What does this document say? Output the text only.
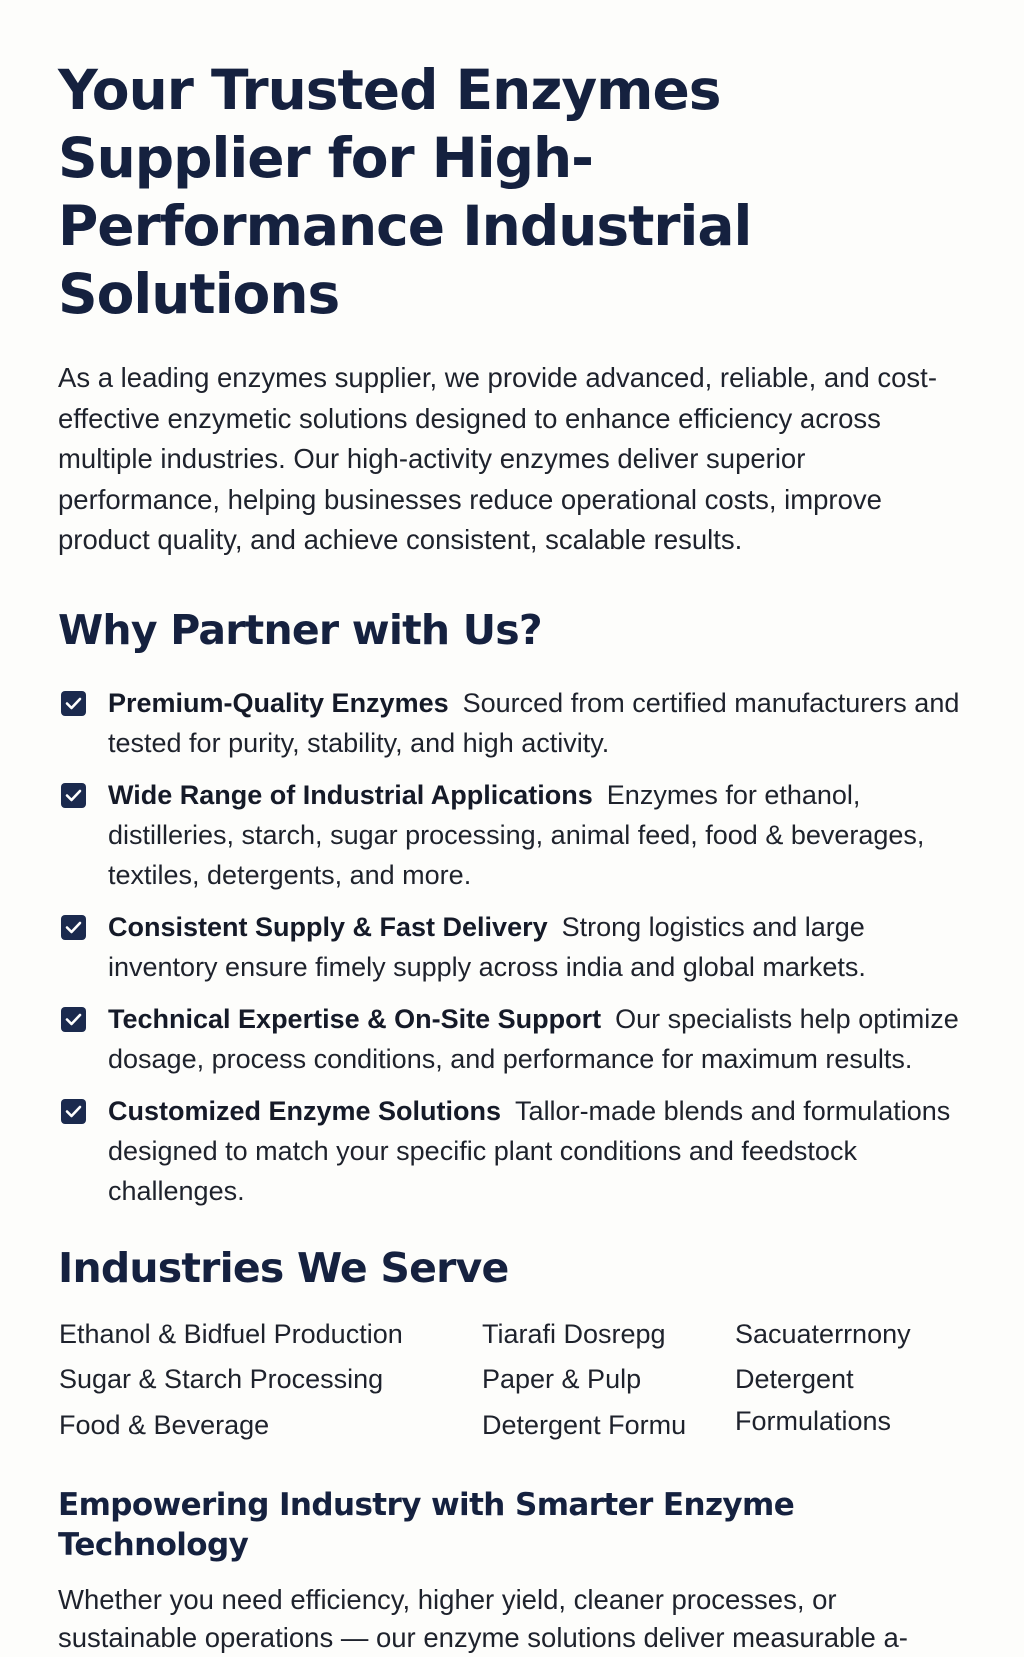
Your Trusted Enzymes Supplier for High-Performance Industrial Solutions

As a leading enzymes supplier, we provide advanced, reliable, and cost-effective enzymetic solutions designed to enhance efficiency across multiple industries. Our high-activity enzymes deliver superior performance, helping businesses reduce operational costs, improve product quality, and achieve consistent, scalable results.

Why Partner with Us?
Premium-Quality Enzymes Sourced from certified manufacturers and tested for purity, stability, and high activity.
Wide Range of Industrial Applications Enzymes for ethanol, distilleries, starch, sugar processing, animal feed, food & beverages, textiles, detergents, and more.
Consistent Supply & Fast Delivery Strong logistics and large inventory ensure fimely supply across india and global markets.
Technical Expertise & On-Site Support Our specialists help optimize dosage, process conditions, and performance for maximum results.
Customized Enzyme Solutions Tallor-made blends and formulations designed to match your specific plant conditions and feedstock challenges.
Industries We Serve
Ethanol & Bidfuel Production
Sugar & Starch Processing
Food & Beverage
Tiarafi Dosrepg
Paper & Pulp
Detergent Formu
Sacuaterrnony
Detergent
Formulations
Empowering Industry with Smarter Enzyme Technology

Whether you need efficiency, higher yield, cleaner processes, or sustainable operations — our enzyme solutions deliver measurable a-
